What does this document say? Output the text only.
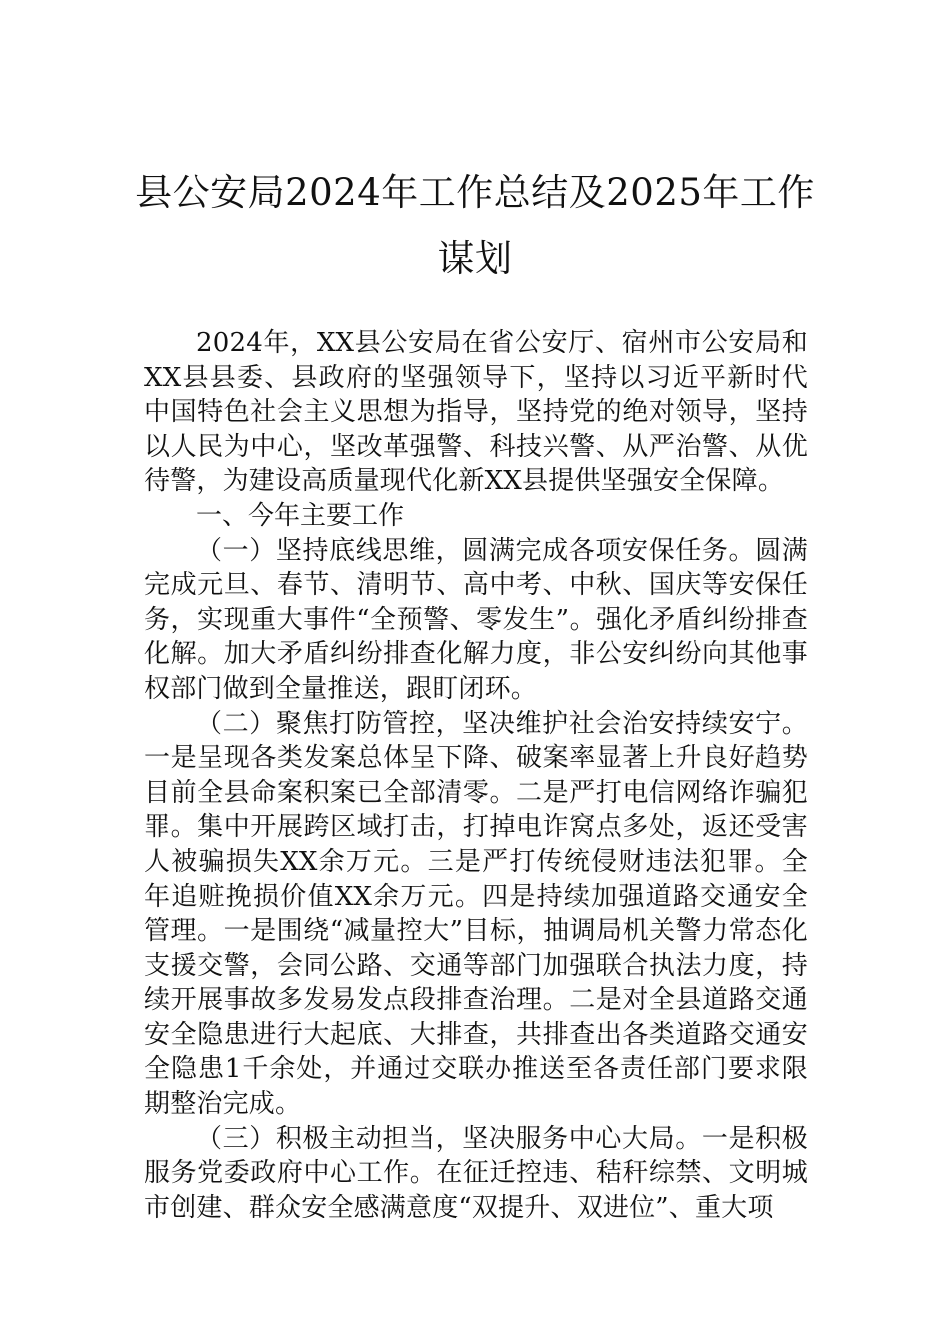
县公安局2024年工作总结及2025年工作谋划

2024年，XX县公安局在省公安厅、宿州市公安局和XX县县委、县政府的坚强领导下，坚持以习近平新时代中国特色社会主义思想为指导，坚持党的绝对领导，坚持以人民为中心，坚改革强警、科技兴警、从严治警、从优待警，为建设高质量现代化新XX县提供坚强安全保障。

一、今年主要工作

（一）坚持底线思维，圆满完成各项安保任务。圆满完成元旦、春节、清明节、高中考、中秋、国庆等安保任务，实现重大事件“全预警、零发生”。强化矛盾纠纷排查化解。加大矛盾纠纷排查化解力度，非公安纠纷向其他事权部门做到全量推送，跟盯闭环。

（二）聚焦打防管控，坚决维护社会治安持续安宁。一是呈现各类发案总体呈下降、破案率显著上升良好趋势目前全县命案积案已全部清零。二是严打电信网络诈骗犯罪。集中开展跨区域打击，打掉电诈窝点多处，返还受害人被骗损失XX余万元。三是严打传统侵财违法犯罪。全年追赃挽损价值XX余万元。四是持续加强道路交通安全管理。一是围绕“减量控大”目标，抽调局机关警力常态化支援交警，会同公路、交通等部门加强联合执法力度，持续开展事故多发易发点段排查治理。二是对全县道路交通安全隐患进行大起底、大排查，共排查出各类道路交通安全隐患1千余处，并通过交联办推送至各责任部门要求限期整治完成。

（三）积极主动担当，坚决服务中心大局。一是积极服务党委政府中心工作。在征迁控违、秸秆综禁、文明城市创建、群众安全感满意度“双提升、双进位”、重大项
